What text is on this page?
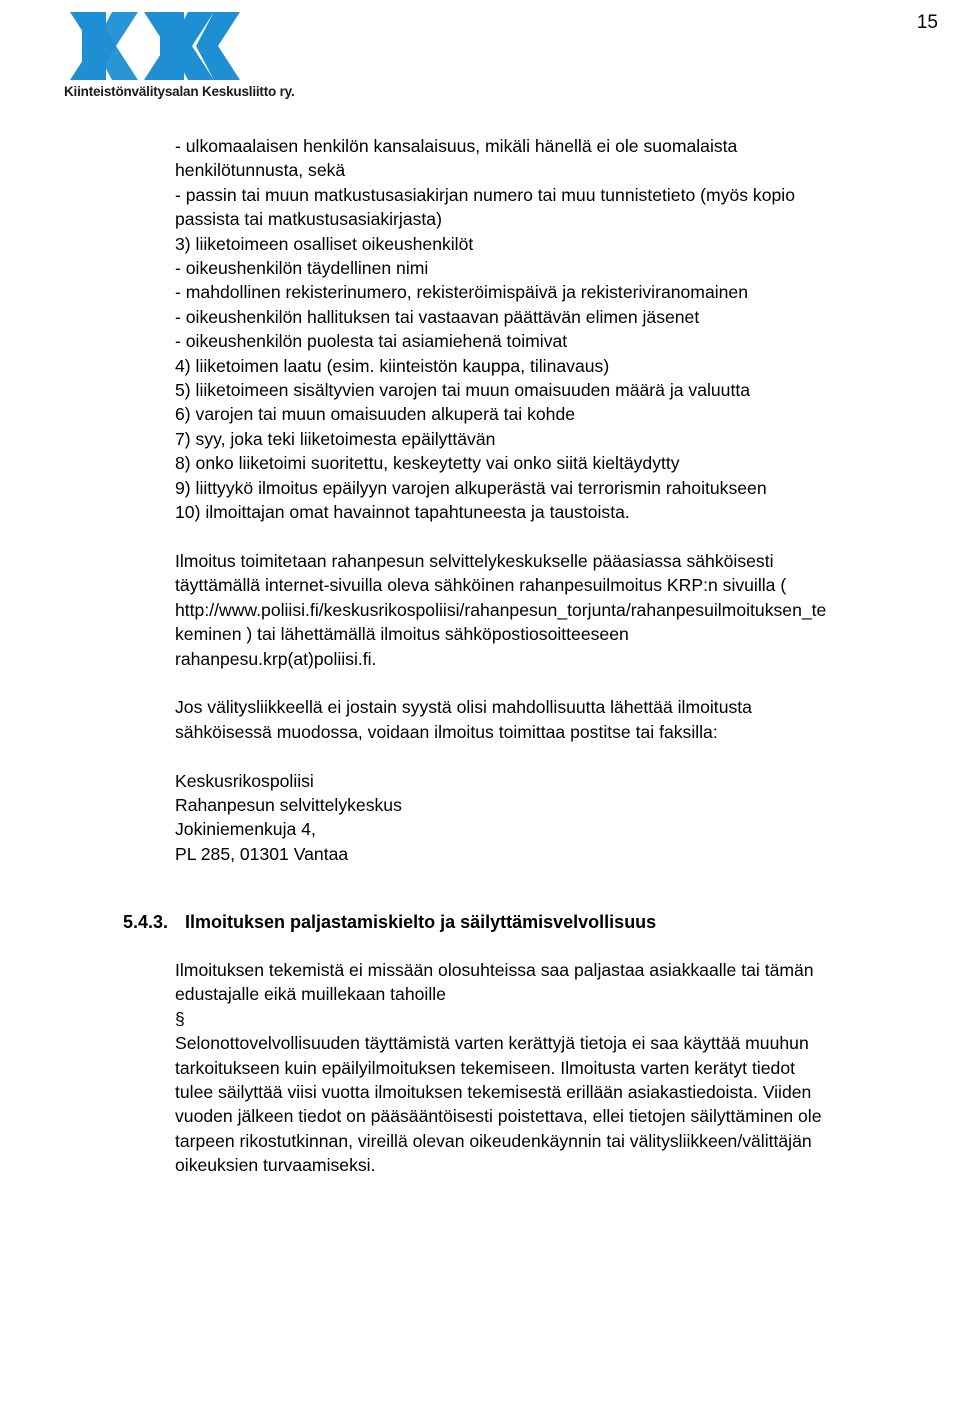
15
Kiinteistönvälitysalan Keskusliitto ry.
- ulkomaalaisen henkilön kansalaisuus, mikäli hänellä ei ole suomalaista
henkilötunnusta, sekä
- passin tai muun matkustusasiakirjan numero tai muu tunnistetieto (myös kopio
passista tai matkustusasiakirjasta)
3) liiketoimeen osalliset oikeushenkilöt
- oikeushenkilön täydellinen nimi
- mahdollinen rekisterinumero, rekisteröimispäivä ja rekisteriviranomainen
- oikeushenkilön hallituksen tai vastaavan päättävän elimen jäsenet
- oikeushenkilön puolesta tai asiamiehenä toimivat
4) liiketoimen laatu (esim. kiinteistön kauppa, tilinavaus)
5) liiketoimeen sisältyvien varojen tai muun omaisuuden määrä ja valuutta
6) varojen tai muun omaisuuden alkuperä tai kohde
7) syy, joka teki liiketoimesta epäilyttävän
8) onko liiketoimi suoritettu, keskeytetty vai onko siitä kieltäydytty
9) liittyykö ilmoitus epäilyyn varojen alkuperästä vai terrorismin rahoitukseen
10) ilmoittajan omat havainnot tapahtuneesta ja taustoista.
Ilmoitus toimitetaan rahanpesun selvittelykeskukselle pääasiassa sähköisesti
täyttämällä internet-sivuilla oleva sähköinen rahanpesuilmoitus KRP:n sivuilla (
http://www.poliisi.fi/keskusrikospoliisi/rahanpesun_torjunta/rahanpesuilmoituksen_te
keminen ) tai lähettämällä ilmoitus sähköpostiosoitteeseen
rahanpesu.krp(at)poliisi.fi.
Jos välitysliikkeellä ei jostain syystä olisi mahdollisuutta lähettää ilmoitusta
sähköisessä muodossa, voidaan ilmoitus toimittaa postitse tai faksilla:
Keskusrikospoliisi
Rahanpesun selvittelykeskus
Jokiniemenkuja 4,
PL 285, 01301 Vantaa
5.4.3. Ilmoituksen paljastamiskielto ja säilyttämisvelvollisuus
Ilmoituksen tekemistä ei missään olosuhteissa saa paljastaa asiakkaalle tai tämän
edustajalle eikä muillekaan tahoille
§
Selonottovelvollisuuden täyttämistä varten kerättyjä tietoja ei saa käyttää muuhun
tarkoitukseen kuin epäilyilmoituksen tekemiseen. Ilmoitusta varten kerätyt tiedot
tulee säilyttää viisi vuotta ilmoituksen tekemisestä erillään asiakastiedoista. Viiden
vuoden jälkeen tiedot on pääsääntöisesti poistettava, ellei tietojen säilyttäminen ole
tarpeen rikostutkinnan, vireillä olevan oikeudenkäynnin tai välitysliikkeen/välittäjän
oikeuksien turvaamiseksi.
